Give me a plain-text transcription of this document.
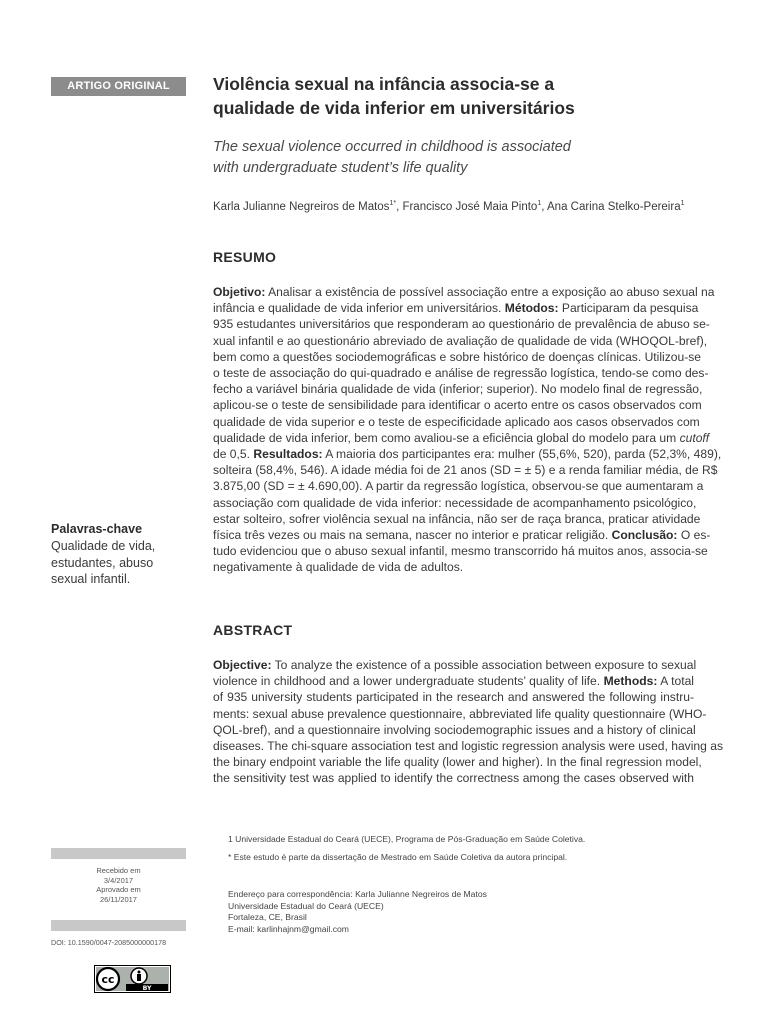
ARTIGO ORIGINAL	Violência sexual na infância associa-se a
qualidade de vida inferior em universitários
The sexual violence occurred in childhood is associated
with undergraduate student’s life quality
Karla Julianne Negreiros de Matos$^{1*}$, Francisco José Maia Pinto$^1$, Ana Carina Stelko-Pereira$^1$
RESUMO
Objetivo: Analisar a existência de possível associação entre a exposição ao abuso sexual na
infância e qualidade de vida inferior em universitários. Métodos: Participaram da pesquisa
935 estudantes universitários que responderam ao questionário de prevalência de abuso se-
xual infantil e ao questionário abreviado de avaliação de qualidade de vida (WHOQOL-bref),
bem como a questões sociodemográficas e sobre histórico de doenças clínicas. Utilizou-se
o teste de associação do qui-quadrado e análise de regressão logística, tendo-se como des-
fecho a variável binária qualidade de vida (inferior; superior). No modelo final de regressão,
aplicou-se o teste de sensibilidade para identificar o acerto entre os casos observados com
qualidade de vida superior e o teste de especificidade aplicado aos casos observados com
qualidade de vida inferior, bem como avaliou-se a eficiência global do modelo para um cutoff
de 0,5. Resultados: A maioria dos participantes era: mulher (55,6%, 520), parda (52,3%, 489),
solteira (58,4%, 546). A idade média foi de 21 anos (SD = ± 5) e a renda familiar média, de R$
3.875,00 (SD = ± 4.690,00). A partir da regressão logística, observou-se que aumentaram a
associação com qualidade de vida inferior: necessidade de acompanhamento psicológico,
estar solteiro, sofrer violência sexual na infância, não ser de raça branca, praticar atividade
física três vezes ou mais na semana, nascer no interior e praticar religião. Conclusão: O es-
tudo evidenciou que o abuso sexual infantil, mesmo transcorrido há muitos anos, associa-se
negativamente à qualidade de vida de adultos.
Palavras-chave
Qualidade de vida,
estudantes, abuso
sexual infantil.
ABSTRACT
Objective: To analyze the existence of a possible association between exposure to sexual
violence in childhood and a lower undergraduate students’ quality of life. Methods: A total
of 935 university students participated in the research and answered the following instru-
ments: sexual abuse prevalence questionnaire, abbreviated life quality questionnaire (WHO-
QOL-bref), and a questionnaire involving sociodemographic issues and a history of clinical
diseases. The chi-square association test and logistic regression analysis were used, having as
the binary endpoint variable the life quality (lower and higher). In the final regression model,
the sensitivity test was applied to identify the correctness among the cases observed with
Recebido em
3/4/2017
Aprovado em
26/11/2017
DOI: 10.1590/0047-2085000000178
1 Universidade Estadual do Ceará (UECE), Programa de Pós-Graduação em Saúde Coletiva.
* Este estudo é parte da dissertação de Mestrado em Saúde Coletiva da autora principal.
Endereço para correspondência: Karla Julianne Negreiros de Matos
Universidade Estadual do Ceará (UECE)
Fortaleza, CE, Brasil
E-mail: karlinhajnm@gmail.com
cc
BY
